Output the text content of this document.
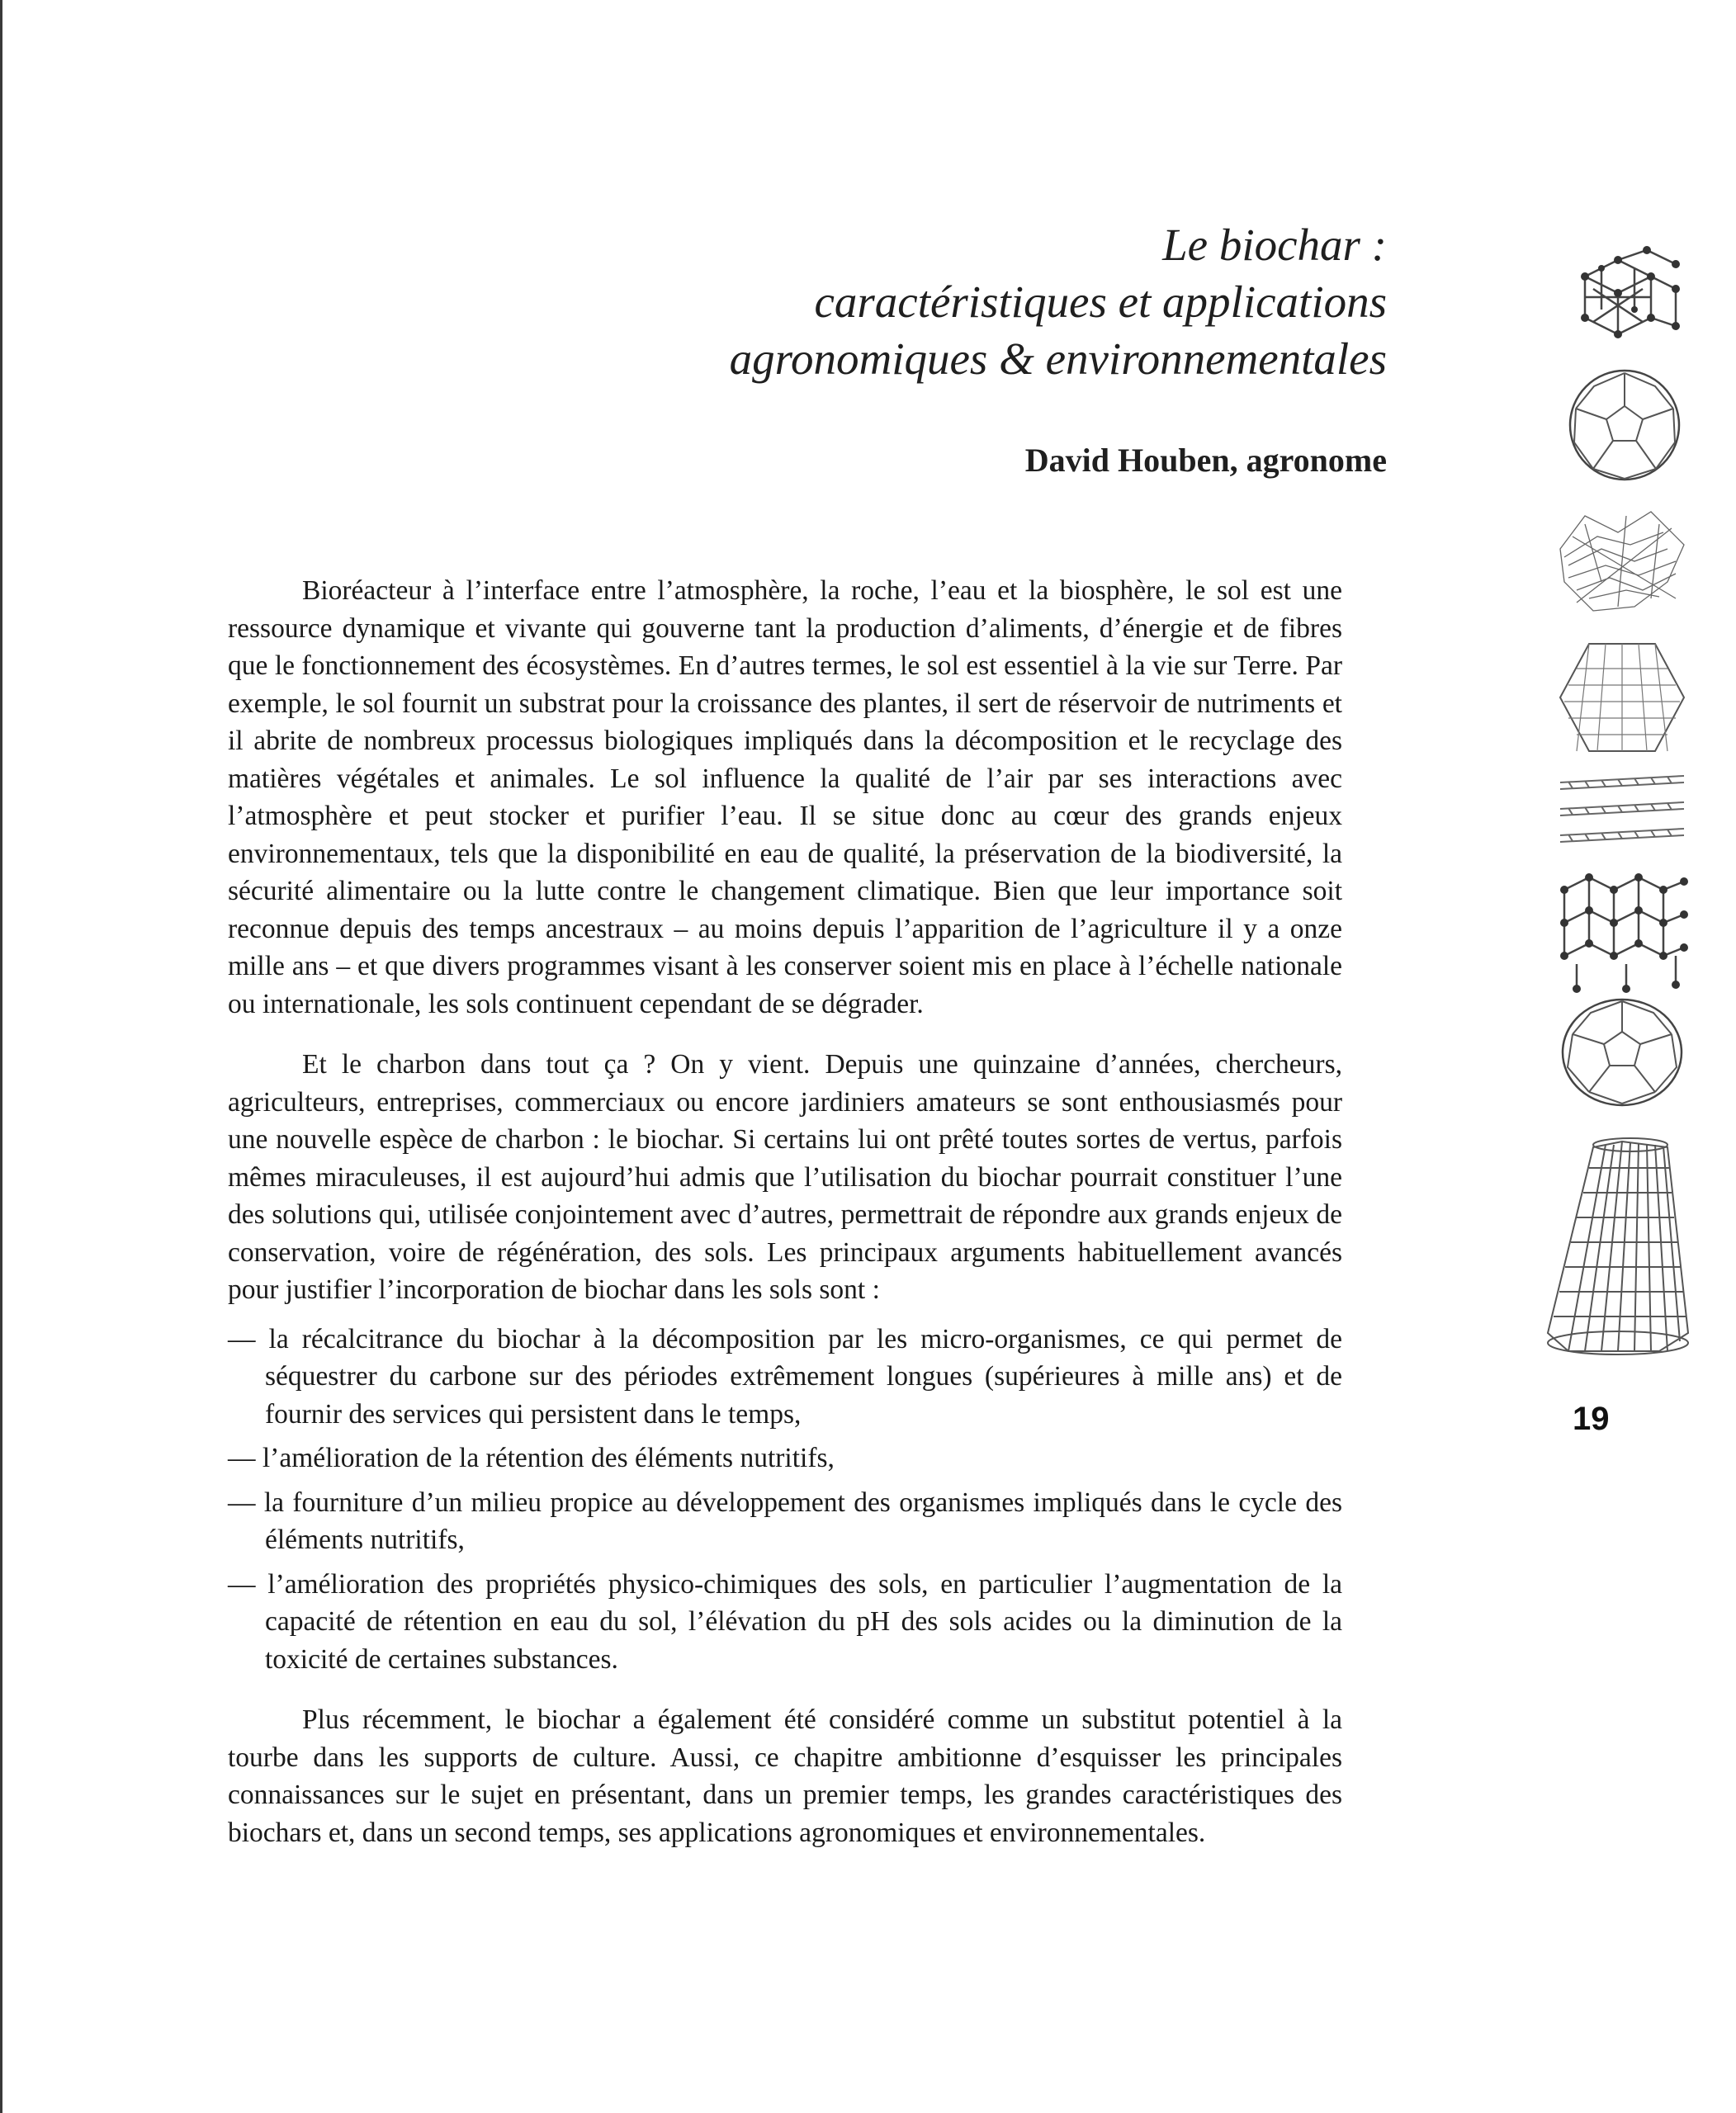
Le biochar :

caractéristiques et applications

agronomiques & environnementales

David Houben, agronome

Bioréacteur à l’interface entre l’atmosphère, la roche, l’eau et la biosphère, le sol est une ressource dynamique et vivante qui gouverne tant la production d’aliments, d’énergie et de fibres que le fonctionnement des écosystèmes. En d’autres termes, le sol est essentiel à la vie sur Terre. Par exemple, le sol fournit un substrat pour la croissance des plantes, il sert de réservoir de nutriments et il abrite de nombreux processus biologiques impliqués dans la décomposition et le recyclage des matières végétales et animales. Le sol influence la qualité de l’air par ses interactions avec l’atmosphère et peut stocker et purifier l’eau. Il se situe donc au cœur des grands enjeux environnementaux, tels que la disponibilité en eau de qualité, la préservation de la biodiversité, la sécurité alimentaire ou la lutte contre le changement climatique. Bien que leur importance soit reconnue depuis des temps ancestraux – au moins depuis l’apparition de l’agriculture il y a onze mille ans – et que divers programmes visant à les conserver soient mis en place à l’échelle nationale ou internationale, les sols continuent cependant de se dégrader.

Et le charbon dans tout ça ? On y vient. Depuis une quinzaine d’années, chercheurs, agriculteurs, entreprises, commerciaux ou encore jardiniers amateurs se sont enthousiasmés pour une nouvelle espèce de charbon : le biochar. Si certains lui ont prêté toutes sortes de vertus, parfois mêmes miraculeuses, il est aujourd’hui admis que l’utilisation du biochar pourrait constituer l’une des solutions qui, utilisée conjointement avec d’autres, permettrait de répondre aux grands enjeux de conservation, voire de régénération, des sols. Les principaux arguments habituellement avancés pour justifier l’incorporation de biochar dans les sols sont :

— la récalcitrance du biochar à la décomposition par les micro-organismes, ce qui permet de séquestrer du carbone sur des périodes extrêmement longues (supérieures à mille ans) et de fournir des services qui persistent dans le temps,

— l’amélioration de la rétention des éléments nutritifs,

— la fourniture d’un milieu propice au développement des organismes impliqués dans le cycle des éléments nutritifs,

— l’amélioration des propriétés physico-chimiques des sols, en particulier l’augmentation de la capacité de rétention en eau du sol, l’élévation du pH des sols acides ou la diminution de la toxicité de certaines substances.

Plus récemment, le biochar a également été considéré comme un substitut potentiel à la tourbe dans les supports de culture. Aussi, ce chapitre ambitionne d’esquisser les principales connaissances sur le sujet en présentant, dans un premier temps, les grandes caractéristiques des biochars et, dans un second temps, ses applications agronomiques et environnementales.

19
